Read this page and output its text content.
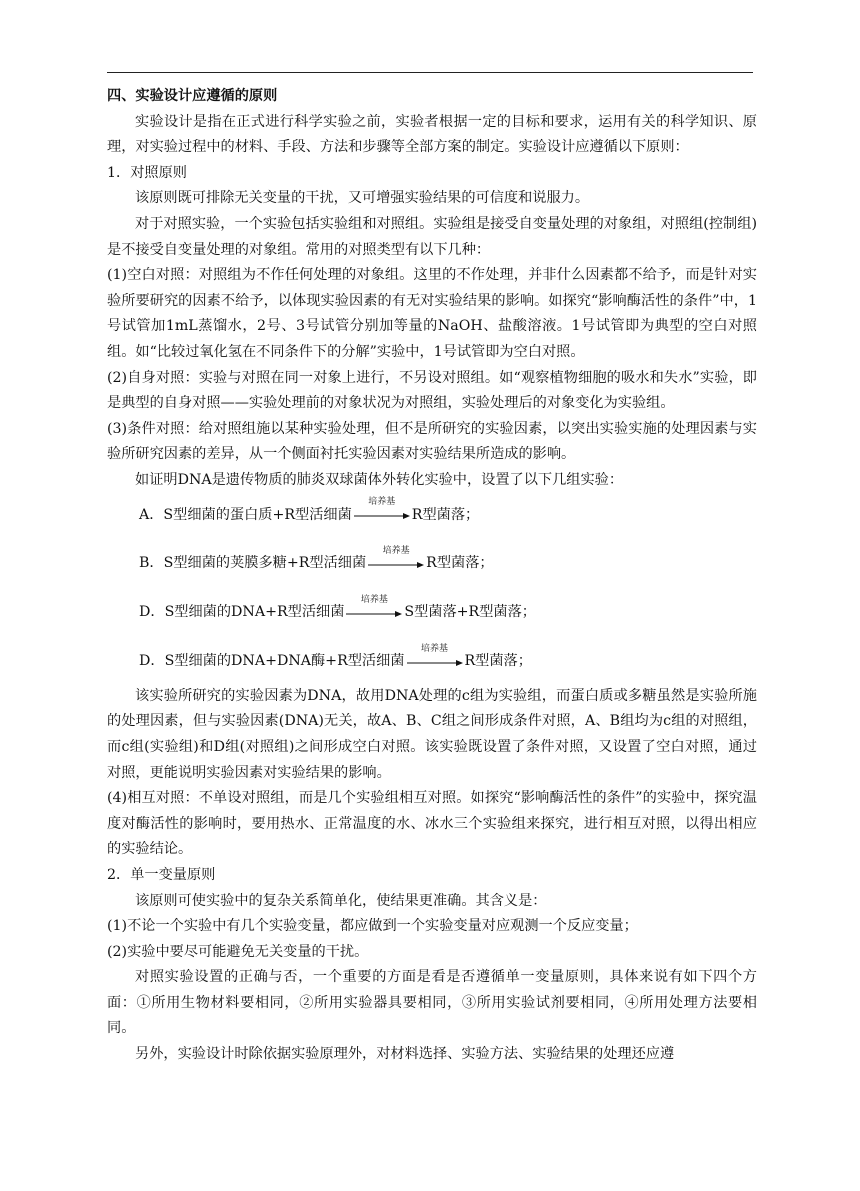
四、实验设计应遵循的原则

实验设计是指在正式进行科学实验之前，实验者根据一定的目标和要求，运用有关的科学知识、原理，对实验过程中的材料、手段、方法和步骤等全部方案的制定。实验设计应遵循以下原则：

1．对照原则

该原则既可排除无关变量的干扰，又可增强实验结果的可信度和说服力。

对于对照实验，一个实验包括实验组和对照组。实验组是接受自变量处理的对象组，对照组(控制组)是不接受自变量处理的对象组。常用的对照类型有以下几种：

(1)空白对照：对照组为不作任何处理的对象组。这里的不作处理，并非什么因素都不给予，而是针对实验所要研究的因素不给予，以体现实验因素的有无对实验结果的影响。如探究“影响酶活性的条件”中，1号试管加1mL蒸馏水，2号、3号试管分别加等量的NaOH、盐酸溶液。1号试管即为典型的空白对照组。如“比较过氧化氢在不同条件下的分解”实验中，1号试管即为空白对照。

(2)自身对照：实验与对照在同一对象上进行，不另设对照组。如“观察植物细胞的吸水和失水”实验，即是典型的自身对照——实验处理前的对象状况为对照组，实验处理后的对象变化为实验组。

(3)条件对照：给对照组施以某种实验处理，但不是所研究的实验因素，以突出实验实施的处理因素与实验所研究因素的差异，从一个侧面衬托实验因素对实验结果所造成的影响。

如证明DNA是遗传物质的肺炎双球菌体外转化实验中，设置了以下几组实验：

A．S型细菌的蛋白质+R型活细菌
培养基
R型菌落；
B．S型细菌的荚膜多糖+R型活细菌
培养基
R型菌落；
D．S型细菌的DNA+R型活细菌
培养基
S型菌落+R型菌落；
D．S型细菌的DNA+DNA酶+R型活细菌
培养基
R型菌落；

该实验所研究的实验因素为DNA，故用DNA处理的c组为实验组，而蛋白质或多糖虽然是实验所施的处理因素，但与实验因素(DNA)无关，故A、B、C组之间形成条件对照，A、B组均为c组的对照组，而c组(实验组)和D组(对照组)之间形成空白对照。该实验既设置了条件对照，又设置了空白对照，通过对照，更能说明实验因素对实验结果的影响。

(4)相互对照：不单设对照组，而是几个实验组相互对照。如探究“影响酶活性的条件”的实验中，探究温度对酶活性的影响时，要用热水、正常温度的水、冰水三个实验组来探究，进行相互对照，以得出相应的实验结论。

2．单一变量原则

该原则可使实验中的复杂关系简单化，使结果更准确。其含义是：

(1)不论一个实验中有几个实验变量，都应做到一个实验变量对应观测一个反应变量；

(2)实验中要尽可能避免无关变量的干扰。

对照实验设置的正确与否，一个重要的方面是看是否遵循单一变量原则，具体来说有如下四个方面：①所用生物材料要相同，②所用实验器具要相同，③所用实验试剂要相同，④所用处理方法要相同。

另外，实验设计时除依据实验原理外，对材料选择、实验方法、实验结果的处理还应遵
